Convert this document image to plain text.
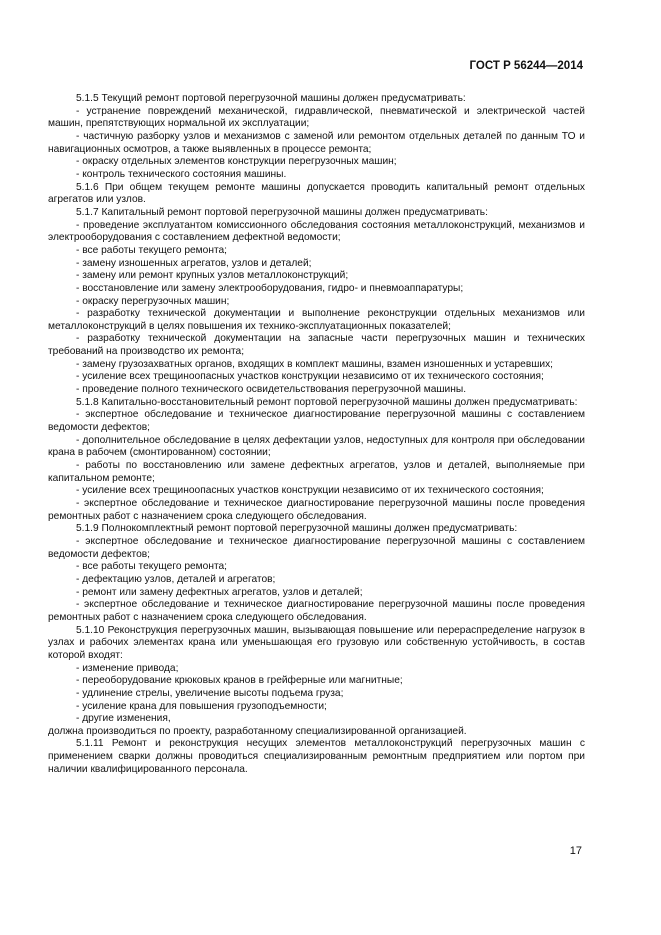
ГОСТ Р 56244—2014

5.1.5 Текущий ремонт портовой перегрузочной машины должен предусматривать:

- устранение повреждений механической, гидравлической, пневматической и электрической частей машин, препятствующих нормальной их эксплуатации;

- частичную разборку узлов и механизмов с заменой или ремонтом отдельных деталей по данным ТО и навигационных осмотров, а также выявленных в процессе ремонта;

- окраску отдельных элементов конструкции перегрузочных машин;

- контроль технического состояния машины.

5.1.6 При общем текущем ремонте машины допускается проводить капитальный ремонт отдельных агрегатов или узлов.

5.1.7 Капитальный ремонт портовой перегрузочной машины должен предусматривать:

- проведение эксплуатантом комиссионного обследования состояния металлоконструкций, механизмов и электрооборудования с составлением дефектной ведомости;

- все работы текущего ремонта;

- замену изношенных агрегатов, узлов и деталей;

- замену или ремонт крупных узлов металлоконструкций;

- восстановление или замену электрооборудования, гидро- и пневмоаппаратуры;

- окраску перегрузочных машин;

- разработку технической документации и выполнение реконструкции отдельных механизмов или металлоконструкций в целях повышения их технико-эксплуатационных показателей;

- разработку технической документации на запасные части перегрузочных машин и технических требований на производство их ремонта;

- замену грузозахватных органов, входящих в комплект машины, взамен изношенных и устаревших;

- усиление всех трещиноопасных участков конструкции независимо от их технического состояния;

- проведение полного технического освидетельствования перегрузочной машины.

5.1.8 Капитально-восстановительный ремонт портовой перегрузочной машины должен предусматривать:

- экспертное обследование и техническое диагностирование перегрузочной машины с составлением ведомости дефектов;

- дополнительное обследование в целях дефектации узлов, недоступных для контроля при обследовании крана в рабочем (смонтированном) состоянии;

- работы по восстановлению или замене дефектных агрегатов, узлов и деталей, выполняемые при капитальном ремонте;

- усиление всех трещиноопасных участков конструкции независимо от их технического состояния;

- экспертное обследование и техническое диагностирование перегрузочной машины после проведения ремонтных работ с назначением срока следующего обследования.

5.1.9 Полнокомплектный ремонт портовой перегрузочной машины должен предусматривать:

- экспертное обследование и техническое диагностирование перегрузочной машины с составлением ведомости дефектов;

- все работы текущего ремонта;

- дефектацию узлов, деталей и агрегатов;

- ремонт или замену дефектных агрегатов, узлов и деталей;

- экспертное обследование и техническое диагностирование перегрузочной машины после проведения ремонтных работ с назначением срока следующего обследования.

5.1.10 Реконструкция перегрузочных машин, вызывающая повышение или перераспределение нагрузок в узлах и рабочих элементах крана или уменьшающая его грузовую или собственную устойчивость, в состав которой входят:

- изменение привода;

- переоборудование крюковых кранов в грейферные или магнитные;

- удлинение стрелы, увеличение высоты подъема груза;

- усиление крана для повышения грузоподъемности;

- другие изменения,

должна производиться по проекту, разработанному специализированной организацией.

5.1.11 Ремонт и реконструкция несущих элементов металлоконструкций перегрузочных машин с применением сварки должны проводиться специализированным ремонтным предприятием или портом при наличии квалифицированного персонала.

17
